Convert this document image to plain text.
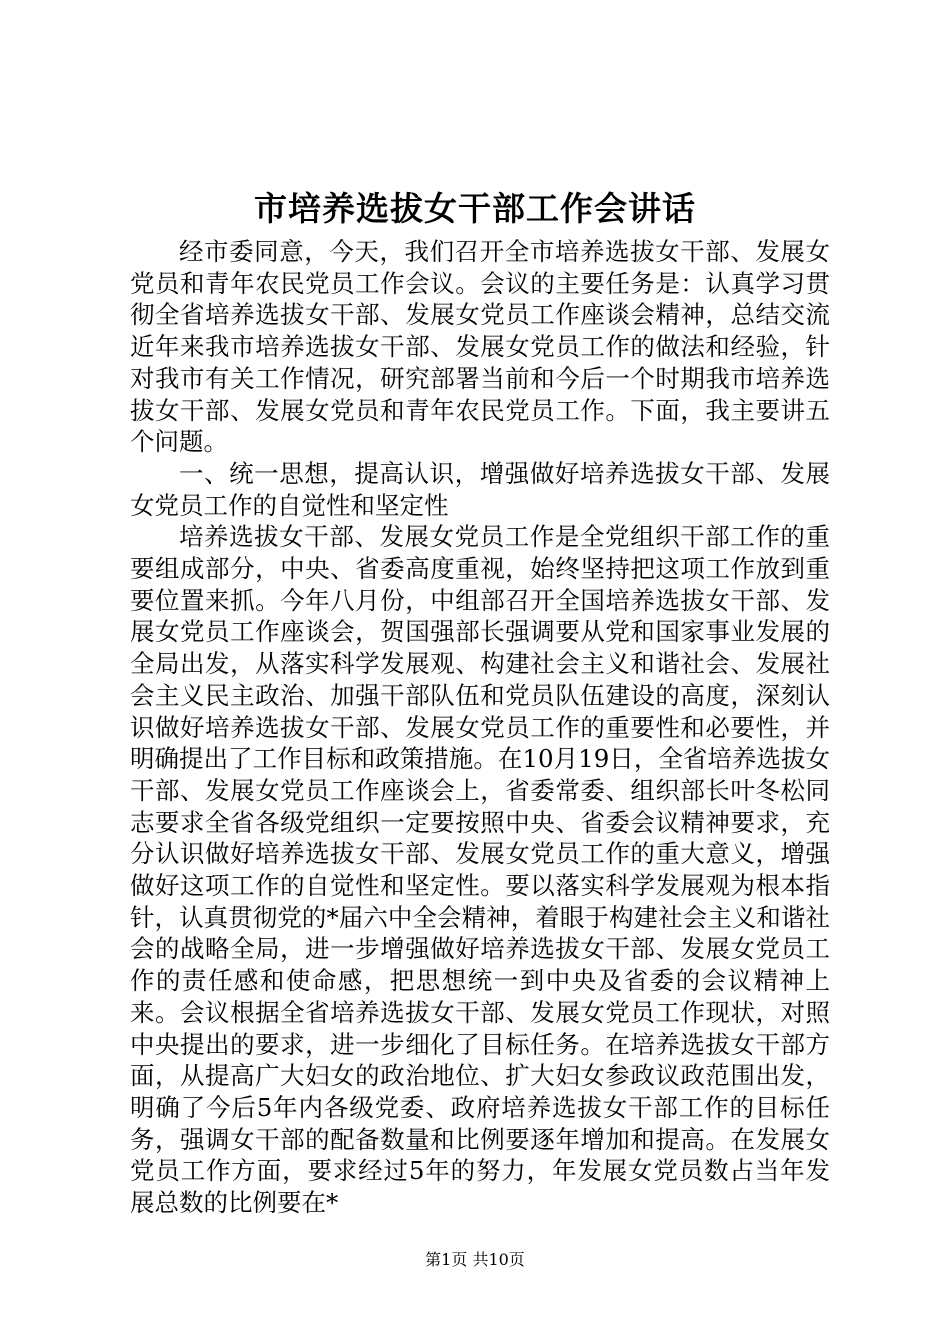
市培养选拔女干部工作会讲话

经市委同意，今天，我们召开全市培养选拔女干部、发展女党员和青年农民党员工作会议。会议的主要任务是：认真学习贯彻全省培养选拔女干部、发展女党员工作座谈会精神，总结交流近年来我市培养选拔女干部、发展女党员工作的做法和经验，针对我市有关工作情况，研究部署当前和今后一个时期我市培养选拔女干部、发展女党员和青年农民党员工作。下面，我主要讲五个问题。

一、统一思想，提高认识，增强做好培养选拔女干部、发展女党员工作的自觉性和坚定性

培养选拔女干部、发展女党员工作是全党组织干部工作的重要组成部分，中央、省委高度重视，始终坚持把这项工作放到重要位置来抓。今年八月份，中组部召开全国培养选拔女干部、发展女党员工作座谈会，贺国强部长强调要从党和国家事业发展的全局出发，从落实科学发展观、构建社会主义和谐社会、发展社会主义民主政治、加强干部队伍和党员队伍建设的高度，深刻认识做好培养选拔女干部、发展女党员工作的重要性和必要性，并明确提出了工作目标和政策措施。在10月19日，全省培养选拔女干部、发展女党员工作座谈会上，省委常委、组织部长叶冬松同志要求全省各级党组织一定要按照中央、省委会议精神要求，充分认识做好培养选拔女干部、发展女党员工作的重大意义，增强做好这项工作的自觉性和坚定性。要以落实科学发展观为根本指针，认真贯彻党的*届六中全会精神，着眼于构建社会主义和谐社会的战略全局，进一步增强做好培养选拔女干部、发展女党员工作的责任感和使命感，把思想统一到中央及省委的会议精神上来。会议根据全省培养选拔女干部、发展女党员工作现状，对照中央提出的要求，进一步细化了目标任务。在培养选拔女干部方面，从提高广大妇女的政治地位、扩大妇女参政议政范围出发，明确了今后5年内各级党委、政府培养选拔女干部工作的目标任务，强调女干部的配备数量和比例要逐年增加和提高。在发展女党员工作方面，要求经过5年的努力，年发展女党员数占当年发展总数的比例要在*

第1页 共10页
